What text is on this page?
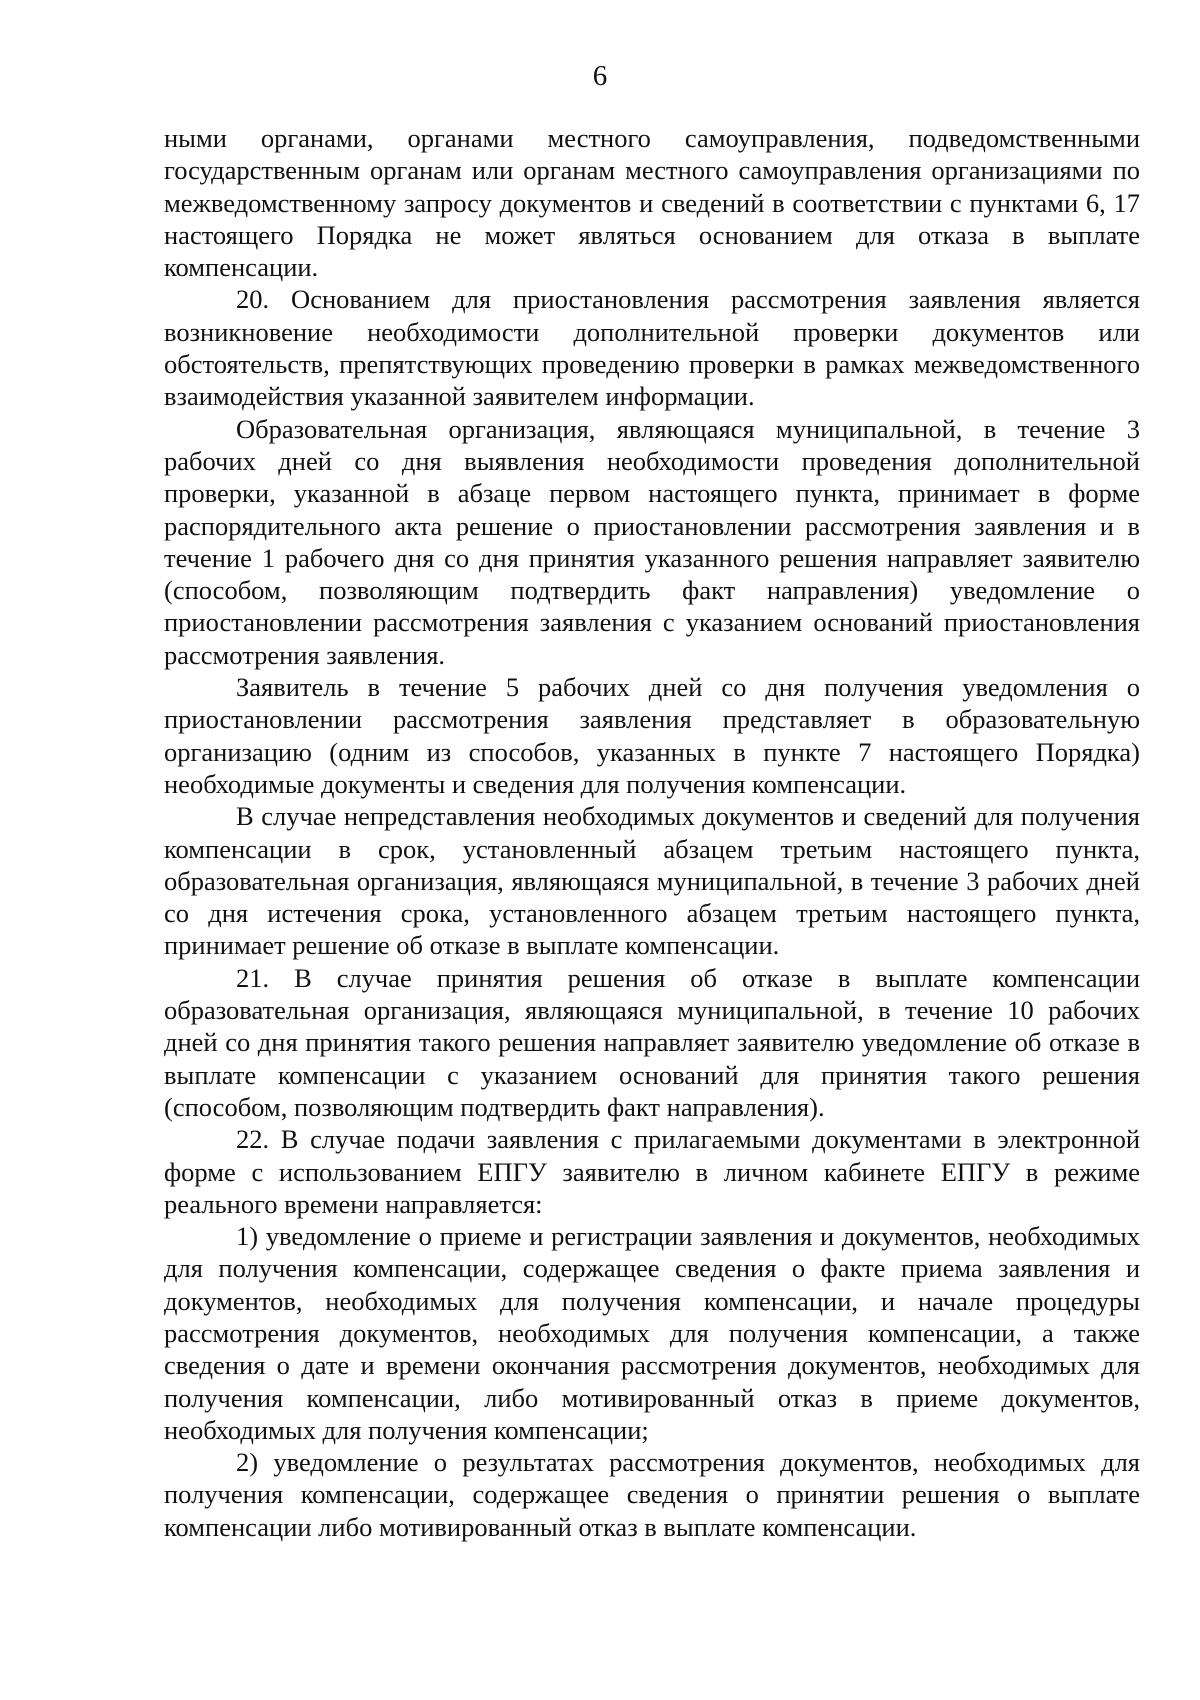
6

ными органами, органами местного самоуправления, подведомственными государственным органам или органам местного самоуправления организациями по межведомственному запросу документов и сведений в соответствии с пунктами 6, 17 настоящего Порядка не может являться основанием для отказа в выплате компенсации.

20. Основанием для приостановления рассмотрения заявления является возникновение необходимости дополнительной проверки документов или обстоятельств, препятствующих проведению проверки в рамках межведомственного взаимодействия указанной заявителем информации.

Образовательная организация, являющаяся муниципальной, в течение 3 рабочих дней со дня выявления необходимости проведения дополнительной проверки, указанной в абзаце первом настоящего пункта, принимает в форме распорядительного акта решение о приостановлении рассмотрения заявления и в течение 1 рабочего дня со дня принятия указанного решения направляет заявителю (способом, позволяющим подтвердить факт направления) уведомление о приостановлении рассмотрения заявления с указанием оснований приостановления рассмотрения заявления.

Заявитель в течение 5 рабочих дней со дня получения уведомления о приостановлении рассмотрения заявления представляет в образовательную организацию (одним из способов, указанных в пункте 7 настоящего Порядка) необходимые документы и сведения для получения компенсации.

В случае непредставления необходимых документов и сведений для получения компенсации в срок, установленный абзацем третьим настоящего пункта, образовательная организация, являющаяся муниципальной, в течение 3 рабочих дней со дня истечения срока, установленного абзацем третьим настоящего пункта, принимает решение об отказе в выплате компенсации.

21. В случае принятия решения об отказе в выплате компенсации образовательная организация, являющаяся муниципальной, в течение 10 рабочих дней со дня принятия такого решения направляет заявителю уведомление об отказе в выплате компенсации с указанием оснований для принятия такого решения (способом, позволяющим подтвердить факт направления).

22. В случае подачи заявления с прилагаемыми документами в электронной форме с использованием ЕПГУ заявителю в личном кабинете ЕПГУ в режиме реального времени направляется:

1) уведомление о приеме и регистрации заявления и документов, необходимых для получения компенсации, содержащее сведения о факте приема заявления и документов, необходимых для получения компенсации, и начале процедуры рассмотрения документов, необходимых для получения компенсации, а также сведения о дате и времени окончания рассмотрения документов, необходимых для получения компенсации, либо мотивированный отказ в приеме документов, необходимых для получения компенсации;

2) уведомление о результатах рассмотрения документов, необходимых для получения компенсации, содержащее сведения о принятии решения о выплате компенсации либо мотивированный отказ в выплате компенсации.
